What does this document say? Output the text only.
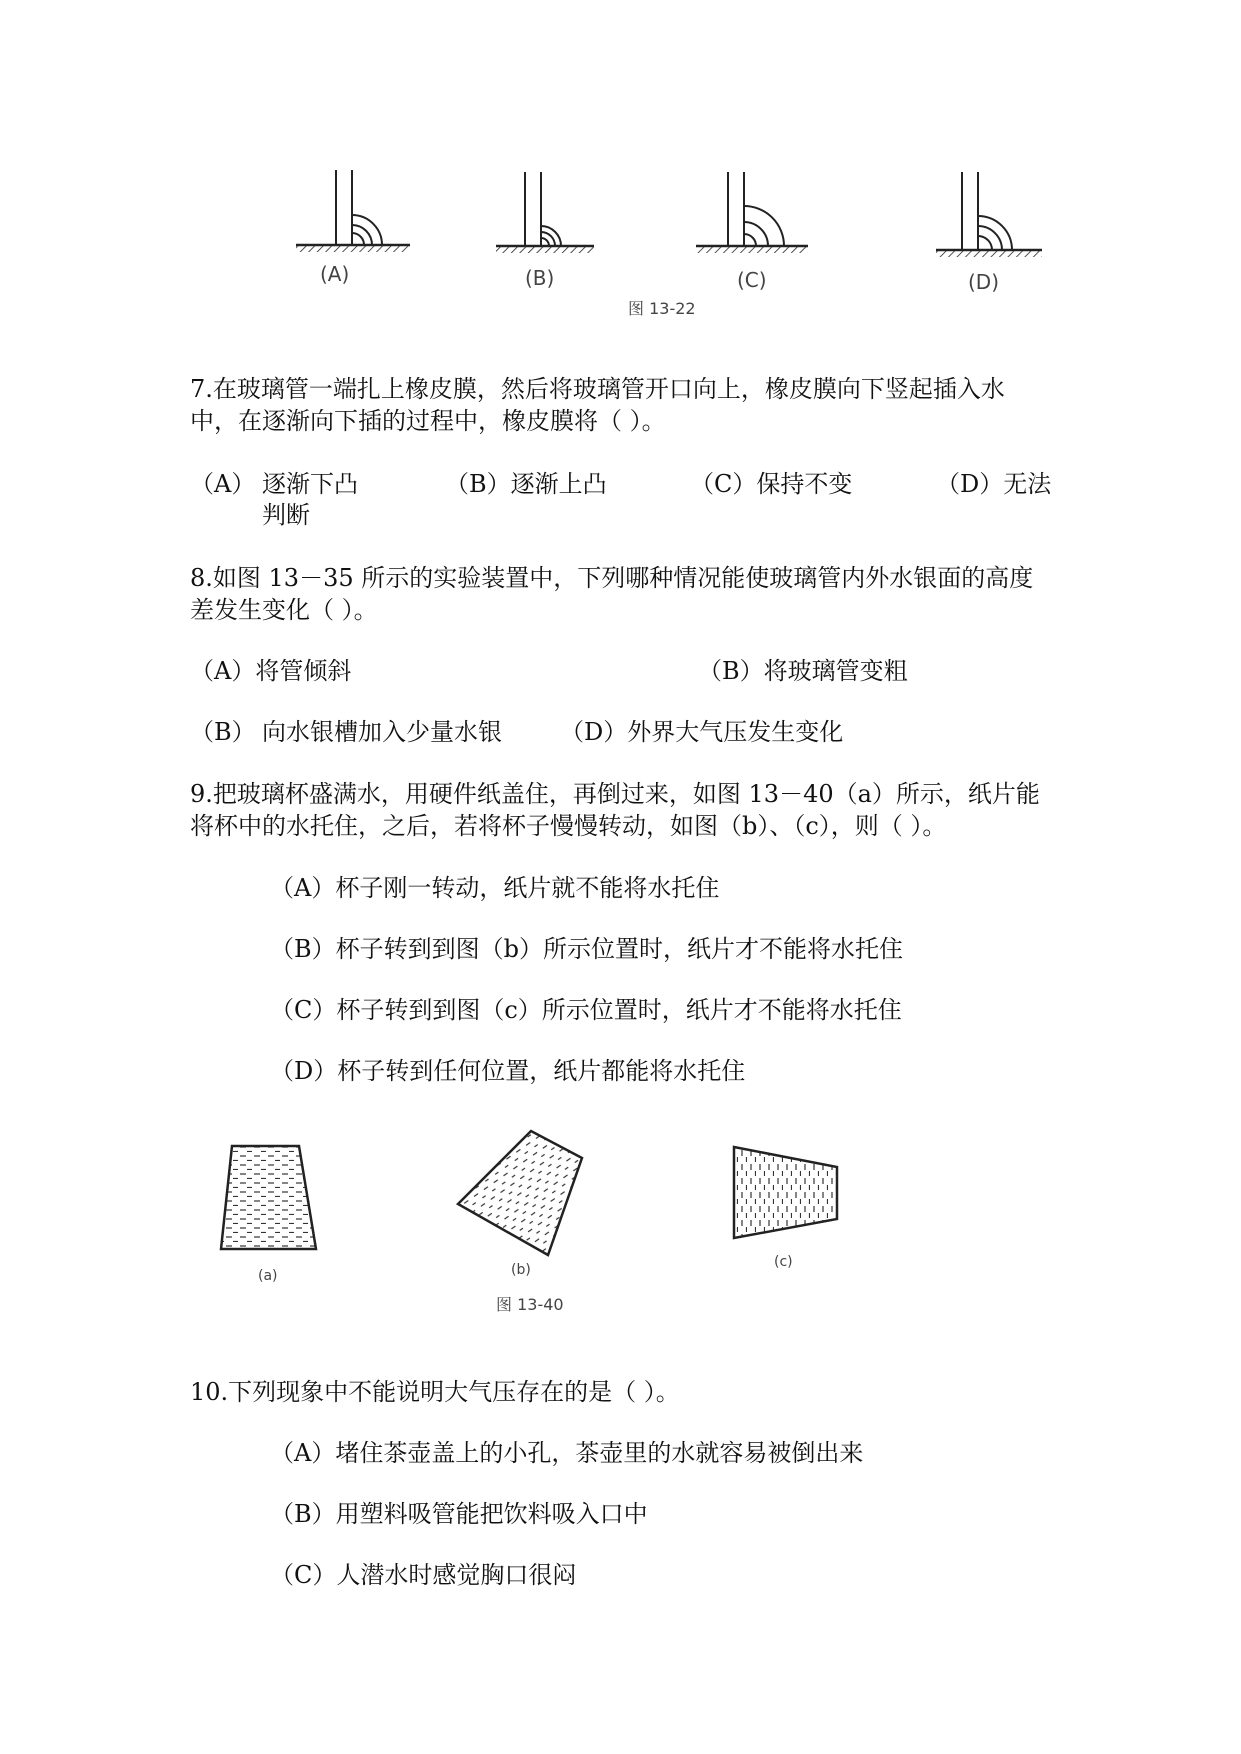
(A)	(B)	(C)	(D)
图 13-22
7.在玻璃管一端扎上橡皮膜，然后将玻璃管开口向上，橡皮膜向下竖起插入水
中，在逐渐向下插的过程中，橡皮膜将（ ）。
（A） 逐渐下凸	（B）逐渐上凸	（C）保持不变	（D）无法
判断
8.如图 13－35 所示的实验装置中，下列哪种情况能使玻璃管内外水银面的高度
差发生变化（ ）。
（A）将管倾斜	（B）将玻璃管变粗
（B） 向水银槽加入少量水银 （D）外界大气压发生变化
9.把玻璃杯盛满水，用硬件纸盖住，再倒过来，如图 13－40（a）所示，纸片能
将杯中的水托住，之后，若将杯子慢慢转动，如图（b）、（c），则（ ）。
（A）杯子刚一转动，纸片就不能将水托住
（B）杯子转到到图（b）所示位置时，纸片才不能将水托住
（C）杯子转到到图（c）所示位置时，纸片才不能将水托住
（D）杯子转到任何位置，纸片都能将水托住
(a)	(b)	(c)
图 13-40
10.下列现象中不能说明大气压存在的是（ ）。
（A）堵住茶壶盖上的小孔，茶壶里的水就容易被倒出来
（B）用塑料吸管能把饮料吸入口中
（C）人潜水时感觉胸口很闷
